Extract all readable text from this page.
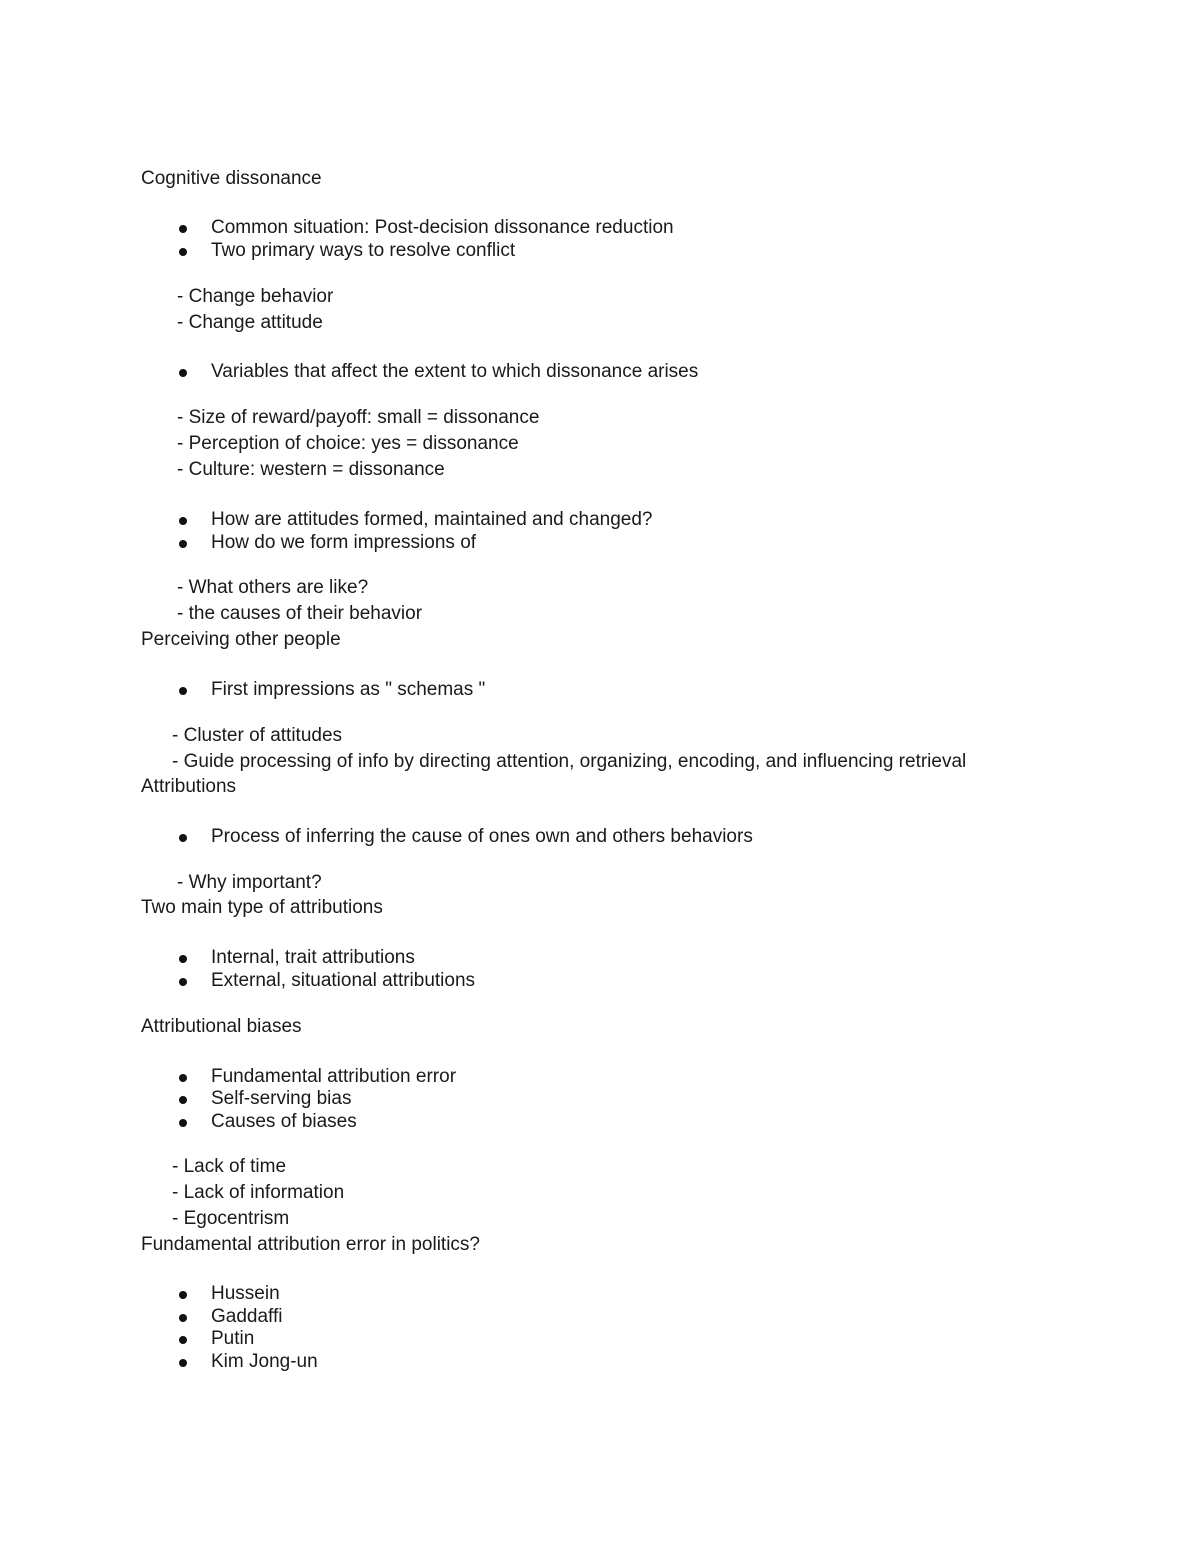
Cognitive dissonance
Common situation: Post-decision dissonance reduction
Two primary ways to resolve conflict
- Change behavior
- Change attitude
Variables that affect the extent to which dissonance arises
- Size of reward/payoff: small = dissonance
- Perception of choice: yes = dissonance
- Culture: western = dissonance
How are attitudes formed, maintained and changed?
How do we form impressions of
- What others are like?
- the causes of their behavior
Perceiving other people
First impressions as " schemas "
- Cluster of attitudes
- Guide processing of info by directing attention, organizing, encoding, and influencing retrieval
Attributions
Process of inferring the cause of ones own and others behaviors
- Why important?
Two main type of attributions
Internal, trait attributions
External, situational attributions
Attributional biases
Fundamental attribution error
Self-serving bias
Causes of biases
- Lack of time
- Lack of information
- Egocentrism
Fundamental attribution error in politics?
Hussein
Gaddaffi
Putin
Kim Jong-un
